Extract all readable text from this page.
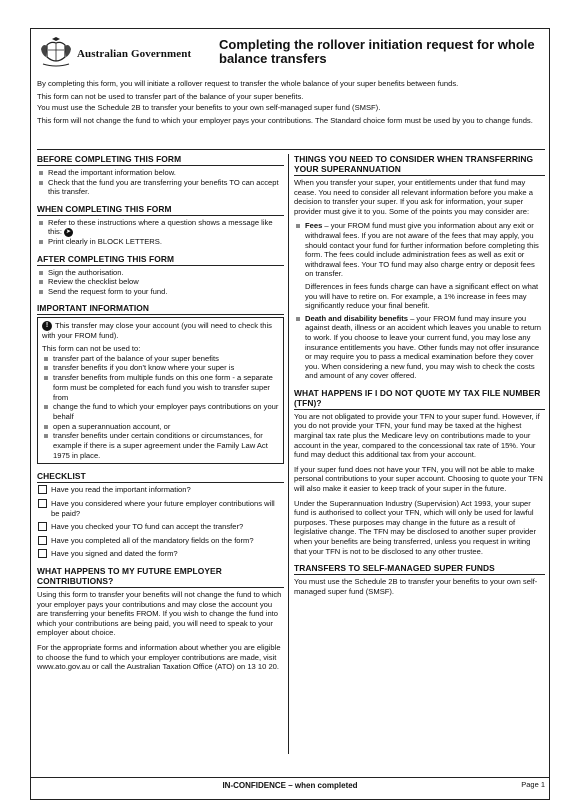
Australian Government
Completing the rollover initiation request for whole balance transfers

By completing this form, you will initiate a rollover request to transfer the whole balance of your super benefits between funds.

This form can not be used to transfer part of the balance of your super benefits.
You must use the Schedule 2B to transfer your benefits to your own self-managed super fund (SMSF).

This form will not change the fund to which your employer pays your contributions. The Standard choice form must be used by you to change funds.

BEFORE COMPLETING THIS FORM
Read the important information below.
Check that the fund you are transferring your benefits TO can accept this transfer.
WHEN COMPLETING THIS FORM
Refer to these instructions where a question shows a message like this: ➤
Print clearly in BLOCK LETTERS.
AFTER COMPLETING THIS FORM
Sign the authorisation.
Review the checklist below
Send the request form to your fund.
IMPORTANT INFORMATION
! This transfer may close your account (you will need to check this with your FROM fund).
This form can not be used to:
transfer part of the balance of your super benefits
transfer benefits if you don't know where your super is
transfer benefits from multiple funds on this one form - a separate form must be completed for each fund you wish to transfer super from
change the fund to which your employer pays contributions on your behalf
open a superannuation account, or
transfer benefits under certain conditions or circumstances, for example if there is a super agreement under the Family Law Act 1975 in place.
CHECKLIST
Have you read the important information?
Have you considered where your future employer contributions will be paid?
Have you checked your TO fund can accept the transfer?
Have you completed all of the mandatory fields on the form?
Have you signed and dated the form?
WHAT HAPPENS TO MY FUTURE EMPLOYER CONTRIBUTIONS?

Using this form to transfer your benefits will not change the fund to which your employer pays your contributions and may close the account you are transferring your benefits FROM. If you wish to change the fund into which your contributions are being paid, you will need to speak to your employer about choice.

For the appropriate forms and information about whether you are eligible to choose the fund to which your employer contributions are made, visit www.ato.gov.au or call the Australian Taxation Office (ATO) on 13 10 20.

THINGS YOU NEED TO CONSIDER WHEN TRANSFERRING YOUR SUPERANNUATION

When you transfer your super, your entitlements under that fund may cease. You need to consider all relevant information before you make a decision to transfer your super. If you ask for information, your super provider must give it to you. Some of the points you may consider are:

Fees – your FROM fund must give you information about any exit or withdrawal fees. If you are not aware of the fees that may apply, you should contact your fund for further information before completing this form. The fees could include administration fees as well as exit or withdrawal fees. Your TO fund may also charge entry or deposit fees on transfer.
Differences in fees funds charge can have a significant effect on what you will have to retire on. For example, a 1% increase in fees may significantly reduce your final benefit.
Death and disability benefits – your FROM fund may insure you against death, illness or an accident which leaves you unable to return to work. If you choose to leave your current fund, you may lose any insurance entitlements you have. Other funds may not offer insurance or may require you to pass a medical examination before they cover you. When considering a new fund, you may wish to check the costs and amount of any cover offered.
WHAT HAPPENS IF I DO NOT QUOTE MY TAX FILE NUMBER (TFN)?

You are not obligated to provide your TFN to your super fund. However, if you do not provide your TFN, your fund may be taxed at the highest marginal tax rate plus the Medicare levy on contributions made to your account in the year, compared to the concessional tax rate of 15%. Your fund may deduct this additional tax from your account.

If your super fund does not have your TFN, you will not be able to make personal contributions to your super account. Choosing to quote your TFN will also make it easier to keep track of your super in the future.

Under the Superannuation Industry (Supervision) Act 1993, your super fund is authorised to collect your TFN, which will only be used for lawful purposes. These purposes may change in the future as a result of legislative change. The TFN may be disclosed to another super provider when your benefits are being transferred, unless you request in writing that your TFN is not to be disclosed to any other trustee.

TRANSFERS TO SELF-MANAGED SUPER FUNDS

You must use the Schedule 2B to transfer your benefits to your own self-managed super fund (SMSF).

IN-CONFIDENCE – when completed	Page 1
